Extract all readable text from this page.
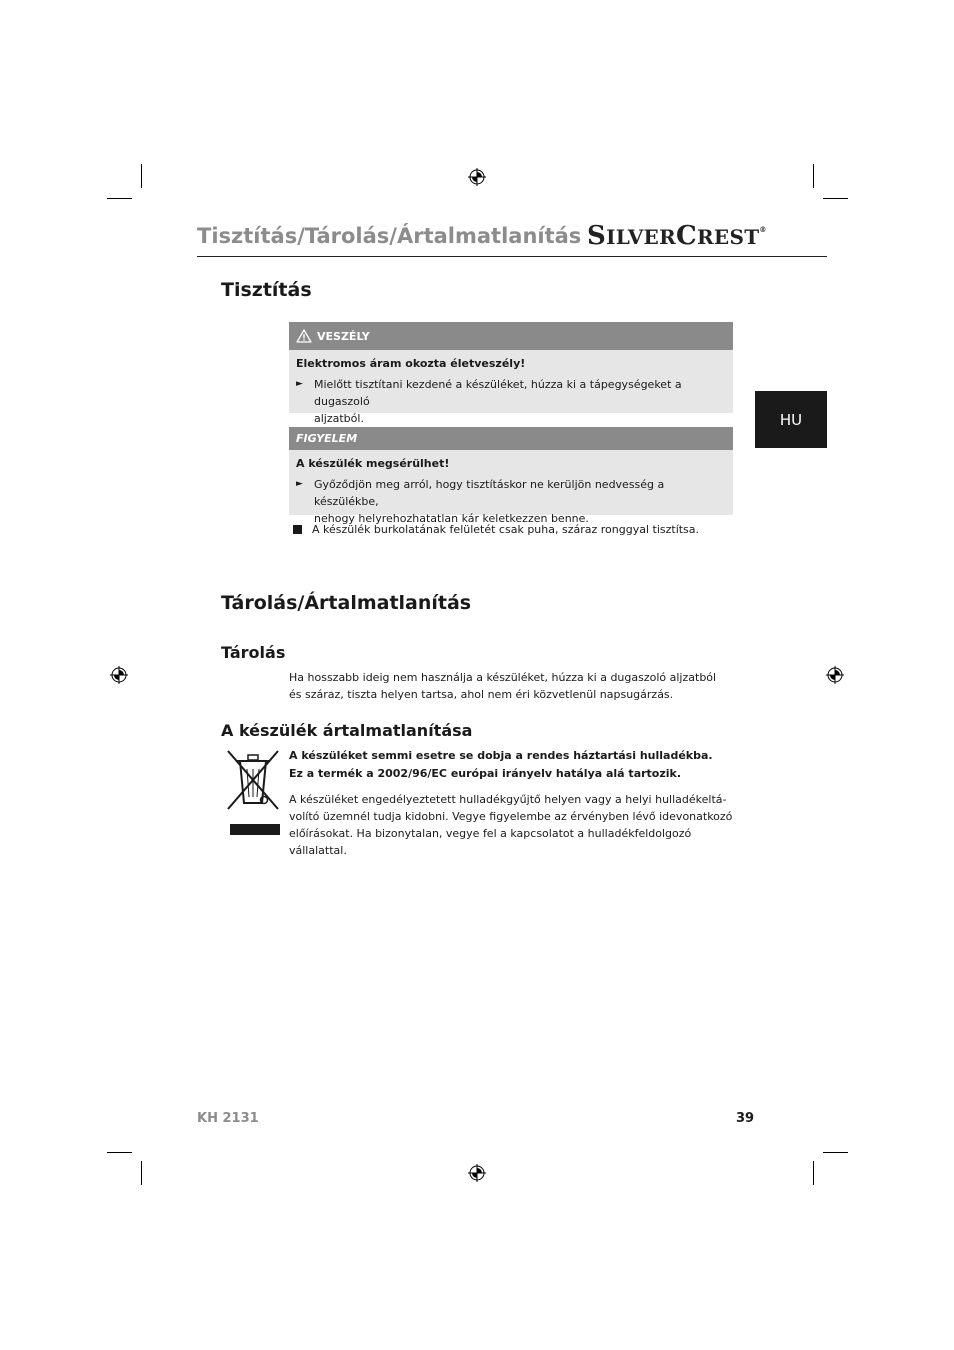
Tisztítás/Tárolás/Ártalmatlanítás SILVERCREST®
HU
Tisztítás
VESZÉLY
Elektromos áram okozta életveszély!
►	Mielőtt tisztítani kezdené a készüléket, húzza ki a tápegységeket a dugaszoló
aljzatból.
FIGYELEM
A készülék megsérülhet!
►	Győződjön meg arról, hogy tisztításkor ne kerüljön nedvesség a készülékbe,
nehogy helyrehozhatatlan kár keletkezzen benne.
A készülék burkolatának felületét csak puha, száraz ronggyal tisztítsa.
Tárolás/Ártalmatlanítás
Tárolás
Ha hosszabb ideig nem használja a készüléket, húzza ki a dugaszoló aljzatból
és száraz, tiszta helyen tartsa, ahol nem éri közvetlenül napsugárzás.
A készülék ártalmatlanítása
A készüléket semmi esetre se dobja a rendes háztartási hulladékba.
Ez a termék a 2002/96/EC európai irányelv hatálya alá tartozik.
A készüléket engedélyeztetett hulladékgyűjtő helyen vagy a helyi hulladékeltá-
volító üzemnél tudja kidobni. Vegye figyelembe az érvényben lévő idevonatkozó
előírásokat. Ha bizonytalan, vegye fel a kapcsolatot a hulladékfeldolgozó
vállalattal.
KH 2131	39
